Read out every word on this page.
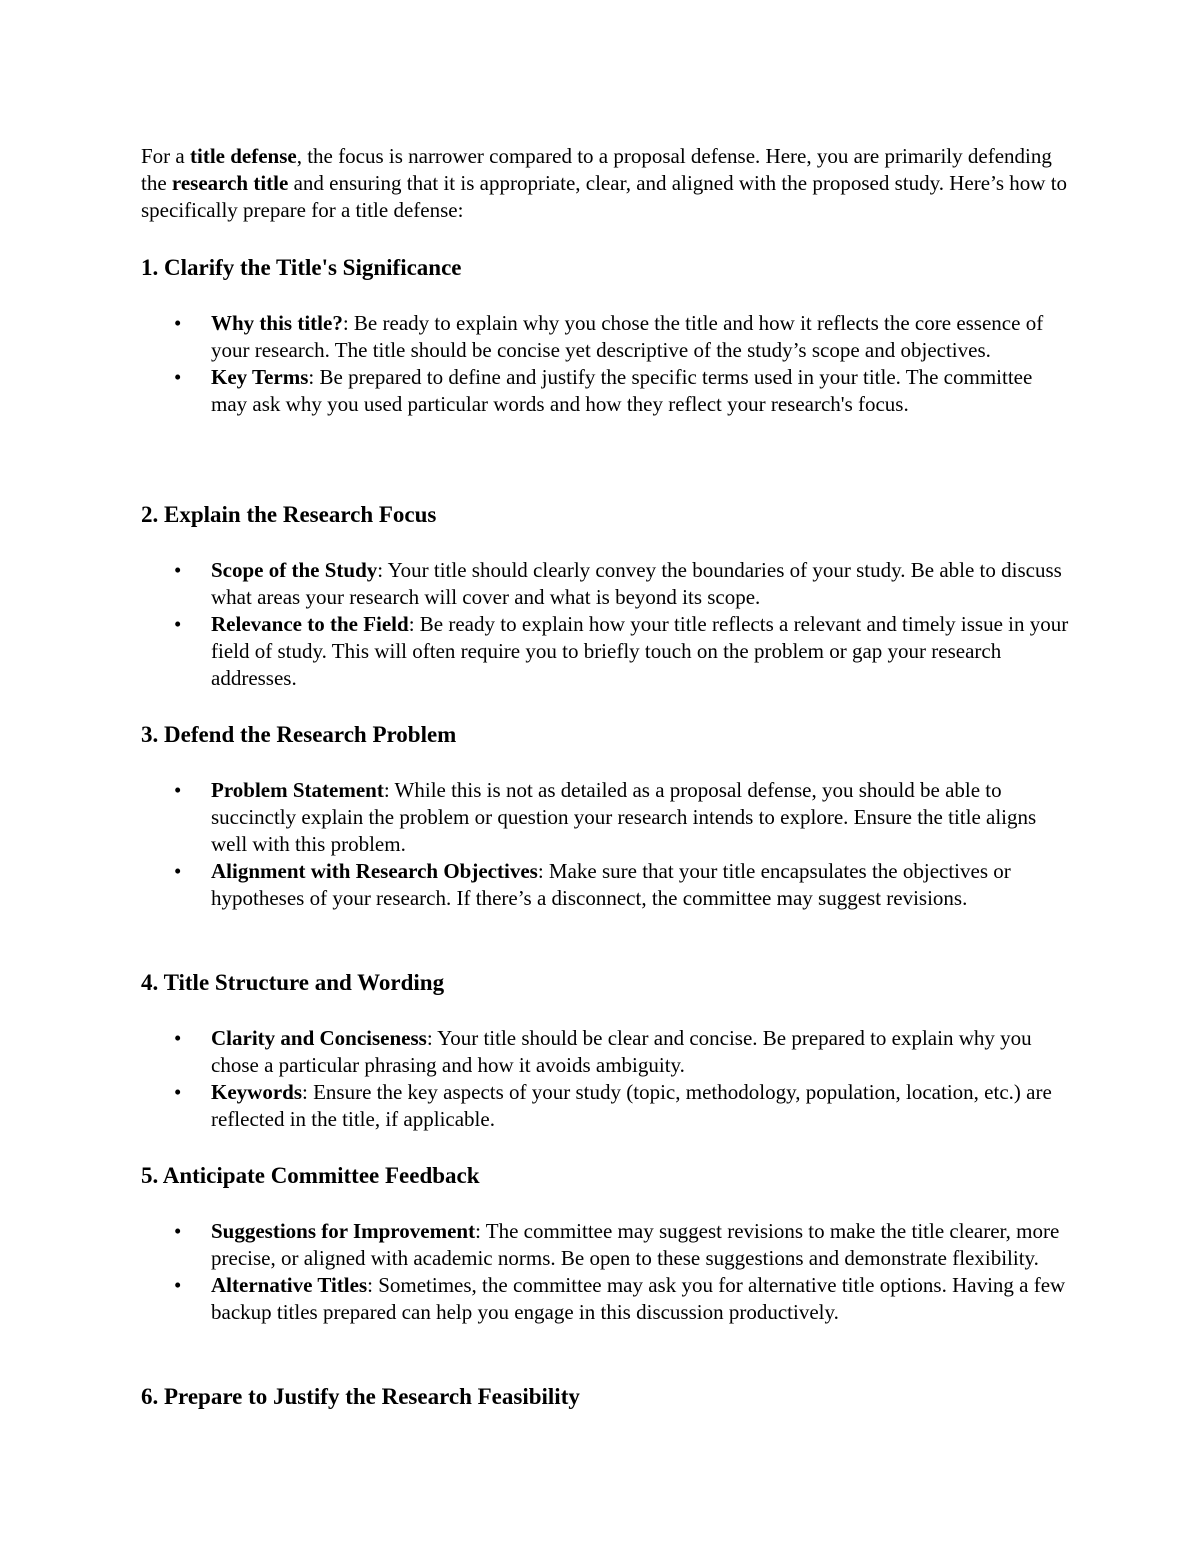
For a title defense, the focus is narrower compared to a proposal defense. Here, you are primarily defending the research title and ensuring that it is appropriate, clear, and aligned with the proposed study. Here’s how to specifically prepare for a title defense:

1. Clarify the Title's Significance
• Why this title?: Be ready to explain why you chose the title and how it reflects the core essence of your research. The title should be concise yet descriptive of the study’s scope and objectives.
• Key Terms: Be prepared to define and justify the specific terms used in your title. The committee may ask why you used particular words and how they reflect your research's focus.
2. Explain the Research Focus
• Scope of the Study: Your title should clearly convey the boundaries of your study. Be able to discuss what areas your research will cover and what is beyond its scope.
• Relevance to the Field: Be ready to explain how your title reflects a relevant and timely issue in your field of study. This will often require you to briefly touch on the problem or gap your research addresses.
3. Defend the Research Problem
• Problem Statement: While this is not as detailed as a proposal defense, you should be able to succinctly explain the problem or question your research intends to explore. Ensure the title aligns well with this problem.
• Alignment with Research Objectives: Make sure that your title encapsulates the objectives or hypotheses of your research. If there’s a disconnect, the committee may suggest revisions.
4. Title Structure and Wording
• Clarity and Conciseness: Your title should be clear and concise. Be prepared to explain why you chose a particular phrasing and how it avoids ambiguity.
• Keywords: Ensure the key aspects of your study (topic, methodology, population, location, etc.) are reflected in the title, if applicable.
5. Anticipate Committee Feedback
• Suggestions for Improvement: The committee may suggest revisions to make the title clearer, more precise, or aligned with academic norms. Be open to these suggestions and demonstrate flexibility.
• Alternative Titles: Sometimes, the committee may ask you for alternative title options. Having a few backup titles prepared can help you engage in this discussion productively.
6. Prepare to Justify the Research Feasibility
